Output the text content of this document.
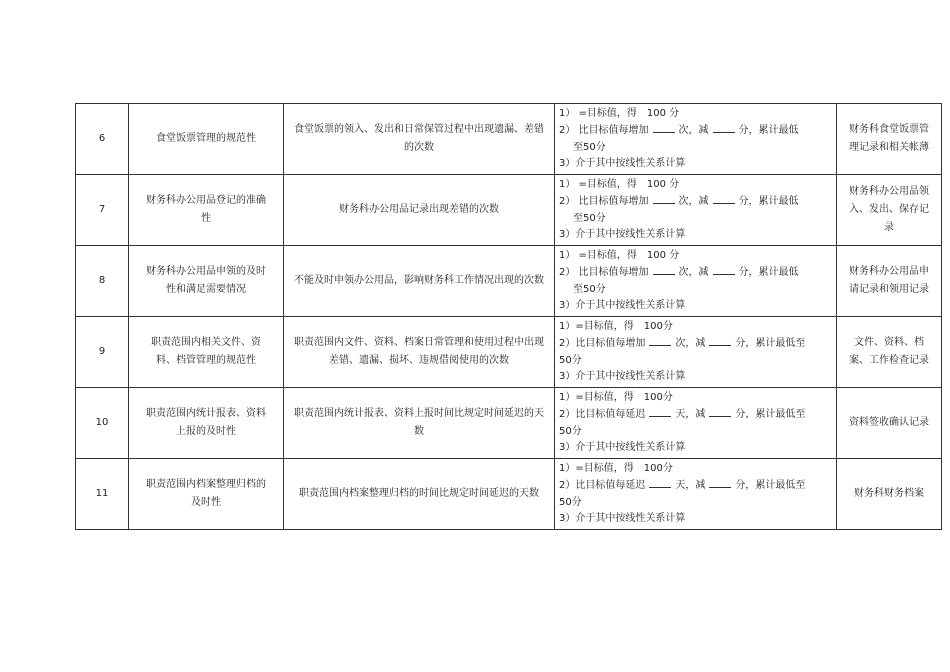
6	食堂饭票管理的规范性	食堂饭票的领入、发出和日常保管过程中出现遗漏、差错的次数	1） =目标值，得　100 分
2） 比目标值每增加 次，减 分，累计最低
至50分
3）介于其中按线性关系计算	财务科食堂饭票管理记录和相关帐薄
7	财务科办公用品登记的准确性	财务科办公用品记录出现差错的次数	1） =目标值，得　100 分
2） 比目标值每增加 次，减 分，累计最低
至50分
3）介于其中按线性关系计算	财务科办公用品领入、发出、保存记录
8	财务科办公用品申领的及时性和满足需要情况	不能及时申领办公用品，影响财务科工作情况出现的次数	1） =目标值，得　100 分
2） 比目标值每增加 次，减 分，累计最低
至50分
3）介于其中按线性关系计算	财务科办公用品申请记录和领用记录
9	职责范围内相关文件、资料、档管管理的规范性	职责范围内文件、资料、档案日常管理和使用过程中出现差错、遗漏、损坏、违规借阅使用的次数	1）=目标值，得　100分
2）比目标值每增加 次，减 分，累计最低至
50分
3）介于其中按线性关系计算	文件、资料、档案、工作检查记录
10	职责范围内统计报表、资料上报的及时性	职责范围内统计报表、资料上报时间比规定时间延迟的天数	1）=目标值，得　100分
2）比目标值每延迟 天，减 分，累计最低至
50分
3）介于其中按线性关系计算	资料签收确认记录
11	职责范围内档案整理归档的及时性	职责范围内档案整理归档的时间比规定时间延迟的天数	1）=目标值，得　100分
2）比目标值每延迟 天，减 分，累计最低至
50分
3）介于其中按线性关系计算	财务科财务档案
